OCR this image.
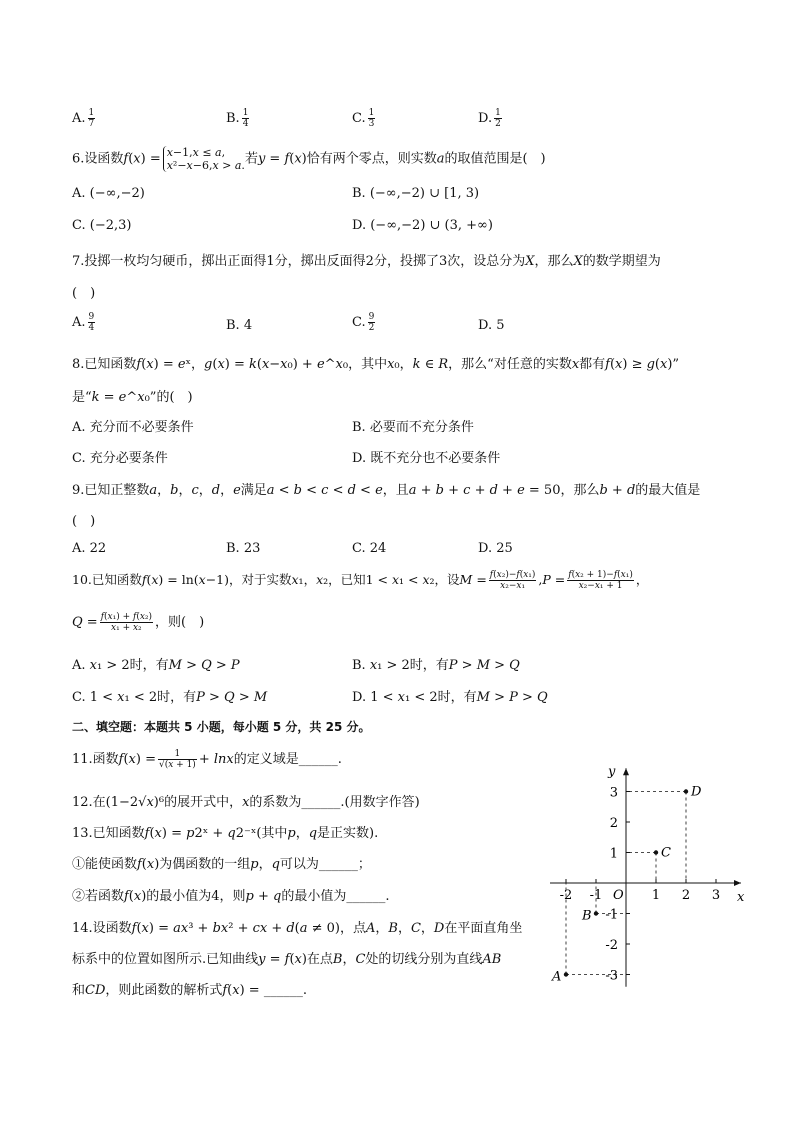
A. $\frac{1}{7}$	B. $\frac{1}{4}$	C. $\frac{1}{3}$	D. $\frac{1}{2}$
6.设函数𝑓(𝑥) = 𝑥−1,𝑥 ≤ 𝑎,
𝑥²−𝑥−6,𝑥 > 𝑎.若𝑦 = 𝑓(𝑥)恰有两个零点，则实数𝑎的取值范围是(　)
A. (−∞,−2)	B. (−∞,−2) ∪ [1, 3)
C. (−2,3)	D. (−∞,−2) ∪ (3, +∞)
7.投掷一枚均匀硬币，掷出正面得1分，掷出反面得2分，投掷了3次，设总分为𝑋，那么𝑋的数学期望为
(　)
A. $\frac{9}{4}$	B. 4	C. $\frac{9}{2}$	D. 5
8.已知函数𝑓(𝑥) = 𝑒ˣ，𝑔(𝑥) = 𝑘(𝑥−𝑥₀) + 𝑒^𝑥₀，其中𝑥₀，𝑘 ∈ 𝑅，那么“对任意的实数𝑥都有𝑓(𝑥) ≥ 𝑔(𝑥)”
是“𝑘 = 𝑒^𝑥₀”的(　)
A. 充分而不必要条件	B. 必要而不充分条件
C. 充分必要条件	D. 既不充分也不必要条件
9.已知正整数𝑎，𝑏，𝑐，𝑑，𝑒满足𝑎 < 𝑏 < 𝑐 < 𝑑 < 𝑒，且𝑎 + 𝑏 + 𝑐 + 𝑑 + 𝑒 = 50，那么𝑏 + 𝑑的最大值是
(　)
A. 22	B. 23	C. 24	D. 25
10.已知函数𝑓(𝑥) = ln(𝑥−1)，对于实数𝑥₁，𝑥₂，已知1 < 𝑥₁ < 𝑥₂，设𝑀 = $\frac{\text{𝑓(𝑥₂)−𝑓(𝑥₁)}}{\text{𝑥₂−𝑥₁}}$ ,𝑃 = $\frac{\text{𝑓(𝑥₂ + 1)−𝑓(𝑥₁)}}{\text{𝑥₂−𝑥₁ + 1}}$ ，
𝑄 = $\frac{\text{𝑓(𝑥₁) + 𝑓(𝑥₂)}}{\text{𝑥₁ + 𝑥₂}}$ ，则(　)
A. 𝑥₁ > 2时，有𝑀 > 𝑄 > 𝑃	B. 𝑥₁ > 2时，有𝑃 > 𝑀 > 𝑄
C. 1 < 𝑥₁ < 2时，有𝑃 > 𝑄 > 𝑀	D. 1 < 𝑥₁ < 2时，有𝑀 > 𝑃 > 𝑄
二、填空题：本题共 5 小题，每小题 5 分，共 25 分。
11.函数𝑓(𝑥) = $\frac{1}{\text{√(𝑥 + 1)}}$ + 𝑙𝑛𝑥的定义域是______.
12.在(1−2√𝑥)⁶的展开式中，𝑥的系数为______.(用数字作答)
13.已知函数𝑓(𝑥) = 𝑝2ˣ + 𝑞2⁻ˣ(其中𝑝，𝑞是正实数).
①能使函数𝑓(𝑥)为偶函数的一组𝑝，𝑞可以为______；
②若函数𝑓(𝑥)的最小值为4，则𝑝 + 𝑞的最小值为______.
14.设函数𝑓(𝑥) = 𝑎𝑥³ + 𝑏𝑥² + 𝑐𝑥 + 𝑑(𝑎 ≠ 0)，点𝐴，𝐵，𝐶，𝐷在平面直角坐
标系中的位置如图所示.已知曲线𝑦 = 𝑓(𝑥)在点𝐵，𝐶处的切线分别为直线𝐴𝐵
和𝐶𝐷，则此函数的解析式𝑓(𝑥) = ______.
x
y
O
-2 -1	1 2 3
3
2
1
-1
-2
-3
A
B
C
D
